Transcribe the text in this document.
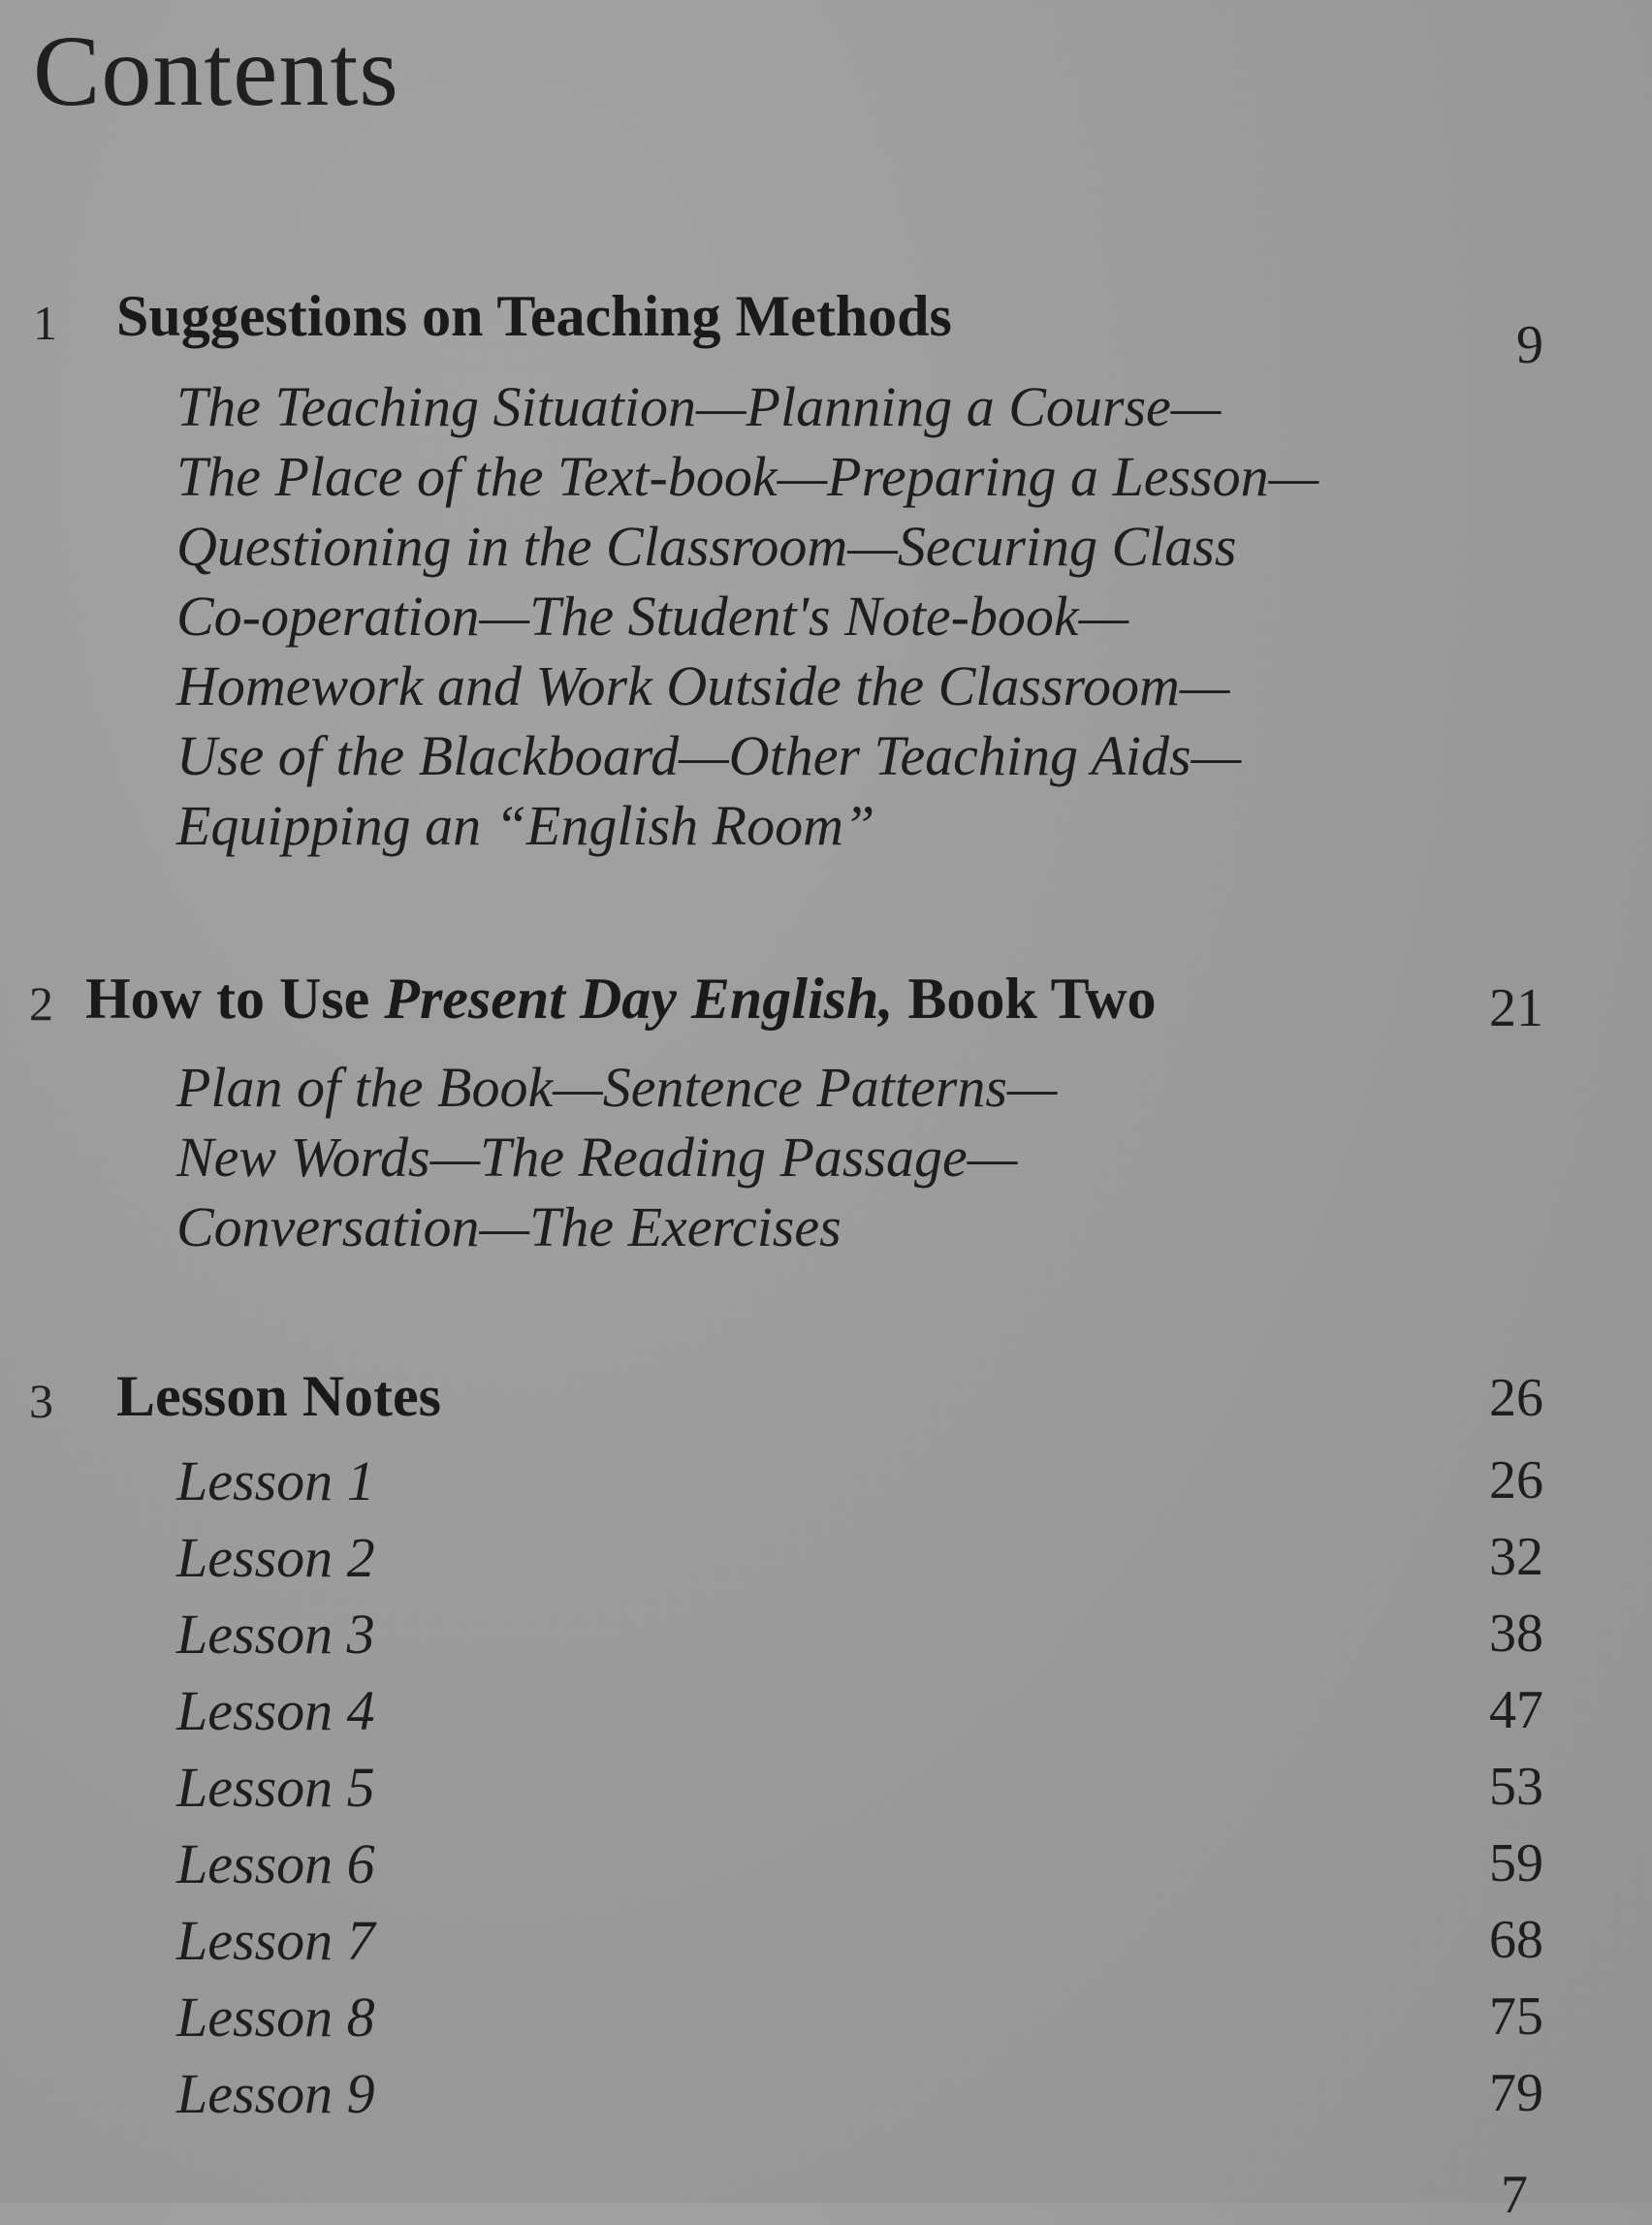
Contents
1 Suggestions on Teaching Methods	9
The Teaching Situation—Planning a Course—
The Place of the Text-book—Preparing a Lesson—
Questioning in the Classroom—Securing Class
Co-operation—The Student's Note-book—
Homework and Work Outside the Classroom—
Use of the Blackboard—Other Teaching Aids—
Equipping an “English Room”
2 How to Use Present Day English, Book Two	21
Plan of the Book—Sentence Patterns—
New Words—The Reading Passage—
Conversation—The Exercises
3 Lesson Notes	26
Lesson 1	26
Lesson 2	32
Lesson 3	38
Lesson 4	47
Lesson 5	53
Lesson 6	59
Lesson 7	68
Lesson 8	75
Lesson 9	79
7
